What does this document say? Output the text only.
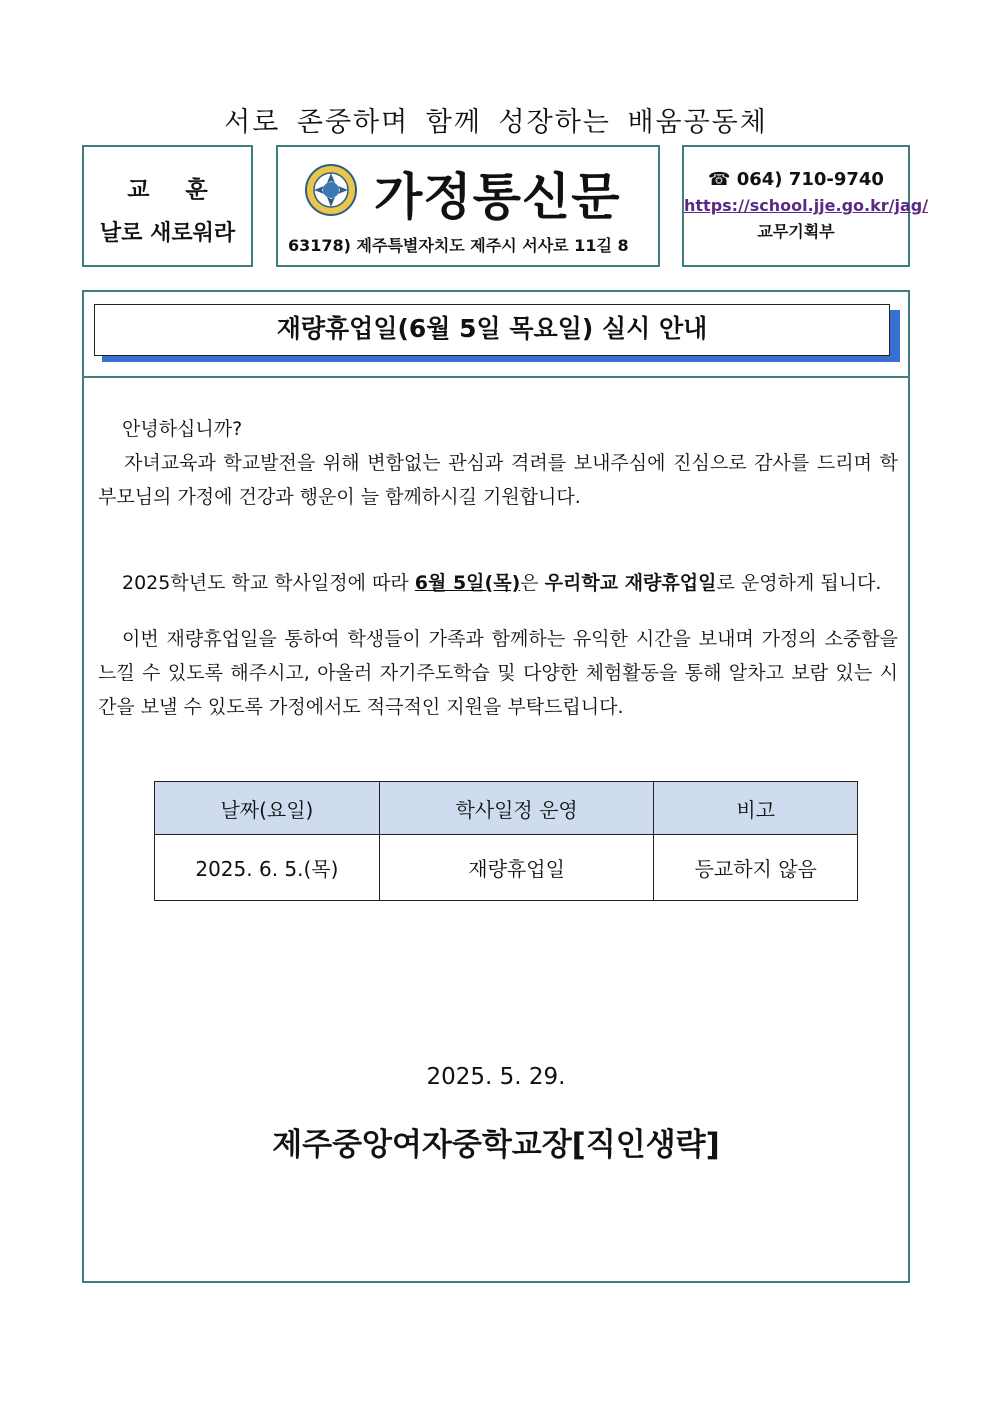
서로 존중하며 함께 성장하는 배움공동체
교 훈
날로 새로워라
가정통신문
63178) 제주특별자치도 제주시 서사로 11길 8
☎ 064) 710-9740
https://school.jje.go.kr/jag/
교무기획부
재량휴업일(6월 5일 목요일) 실시 안내
안녕하십니까?
자녀교육과 학교발전을 위해 변함없는 관심과 격려를 보내주심에 진심으로 감사를 드리며 학부모님의 가정에 건강과 행운이 늘 함께하시길 기원합니다.
2025학년도 학교 학사일정에 따라 6월 5일(목)은 우리학교 재량휴업일로 운영하게 됩니다.
이번 재량휴업일을 통하여 학생들이 가족과 함께하는 유익한 시간을 보내며 가정의 소중함을 느낄 수 있도록 해주시고, 아울러 자기주도학습 및 다양한 체험활동을 통해 알차고 보람 있는 시간을 보낼 수 있도록 가정에서도 적극적인 지원을 부탁드립니다.
날짜(요일)	학사일정 운영	비고
2025. 6. 5.(목)	재량휴업일	등교하지 않음
2025. 5. 29.
제주중앙여자중학교장[직인생략]
